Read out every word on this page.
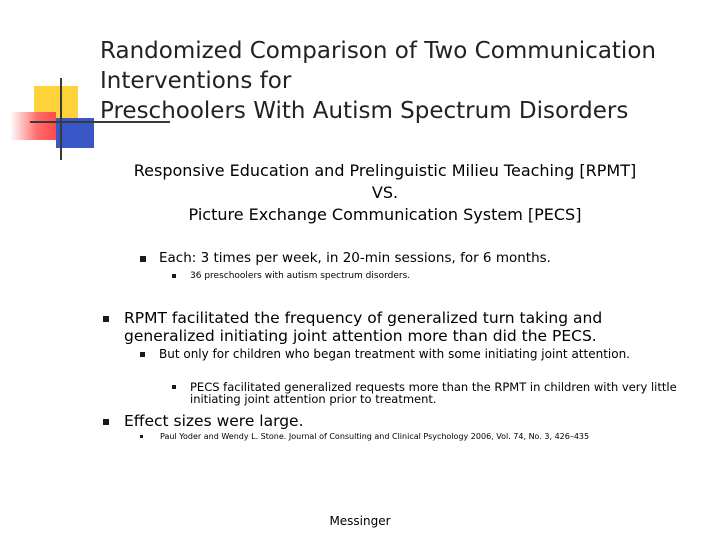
Randomized Comparison of Two Communication
Interventions for
Preschoolers With Autism Spectrum Disorders
Responsive Education and Prelinguistic Milieu Teaching [RPMT]
VS.
Picture Exchange Communication System [PECS]
Each: 3 times per week, in 20-min sessions, for 6 months.
36 preschoolers with autism spectrum disorders.
RPMT facilitated the frequency of generalized turn taking and generalized initiating joint attention more than did the PECS.
But only for children who began treatment with some initiating joint attention.
PECS facilitated generalized requests more than the RPMT in children with very little initiating joint attention prior to treatment.
Effect sizes were large.
Paul Yoder and Wendy L. Stone. Journal of Consulting and Clinical Psychology 2006, Vol. 74, No. 3, 426–435
Messinger
